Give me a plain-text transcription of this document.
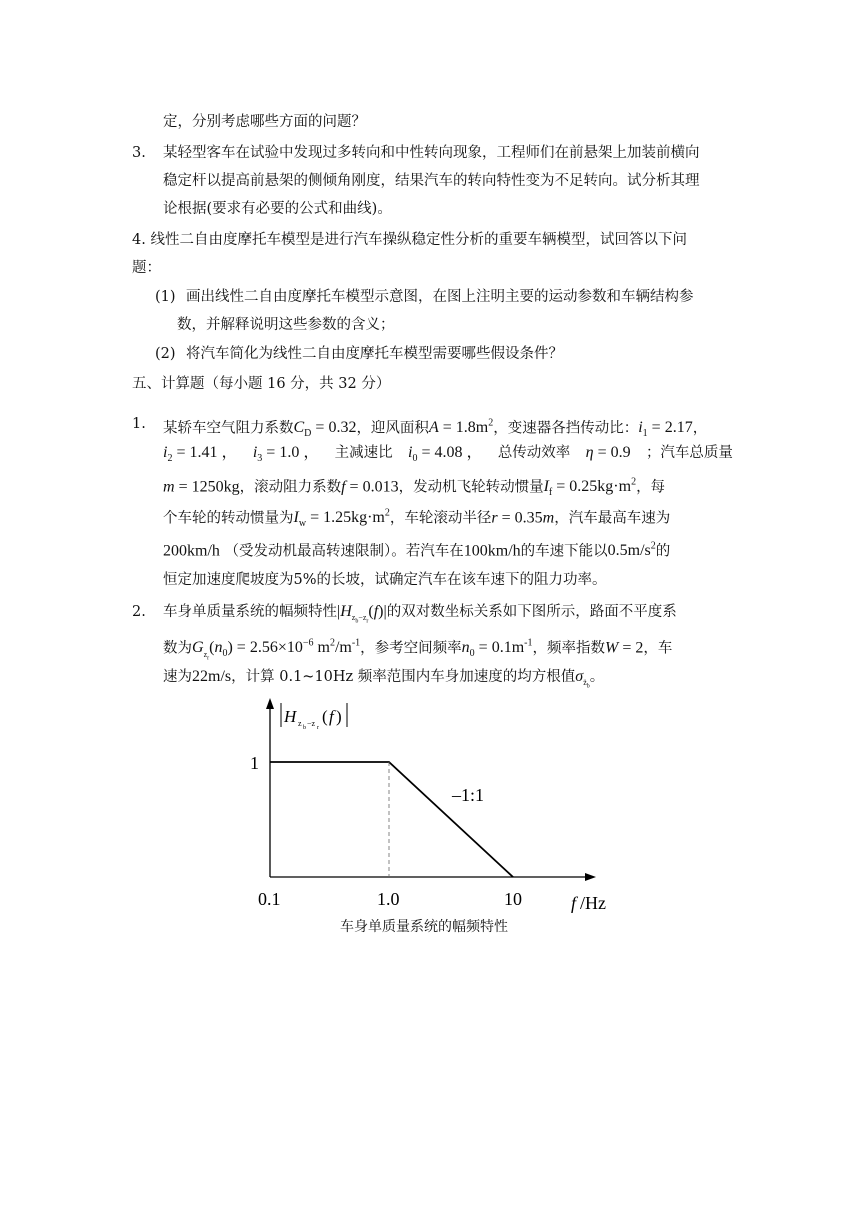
定，分别考虑哪些方面的问题？
3. 某轻型客车在试验中发现过多转向和中性转向现象，工程师们在前悬架上加装前横向
稳定杆以提高前悬架的侧倾角刚度，结果汽车的转向特性变为不足转向。试分析其理
论根据(要求有必要的公式和曲线)。
4. 线性二自由度摩托车模型是进行汽车操纵稳定性分析的重要车辆模型，试回答以下问
题：
(1) 画出线性二自由度摩托车模型示意图，在图上注明主要的运动参数和车辆结构参
数，并解释说明这些参数的含义；
(2) 将汽车简化为线性二自由度摩托车模型需要哪些假设条件？
五、计算题（每小题 16 分，共 32 分）
1. 某轿车空气阻力系数$C_D = 0.32$，迎风面积$A = 1.8m^2$，变速器各挡传动比：$i_1 = 2.17$，
$i_2 = 1.41$ ， $i_3 = 1.0$ ， 主减速比 $i_0 = 4.08$ ， 总传动效率 η = 0.9 ；汽车总质量
m = 1250kg，滚动阻力系数f = 0.013，发动机飞轮转动惯量$I_f = 0.25kg\cdot m^2$，每
个车轮的转动惯量为$I_w = 1.25kg\cdot m^2$，车轮滚动半径r = 0.35m，汽车最高车速为
200km/h （受发动机最高转速限制）。若汽车在100km/h的车速下能以$0.5m/s^2$的
恒定加速度爬坡度为5%的长坡，试确定汽车在该车速下的阻力功率。
2. 车身单质量系统的幅频特性$|H_{z_b-z_r}(f)|$的双对数坐标关系如下图所示，路面不平度系
数为$G_{z_r}(n_0) = 2.56\times 10^{-6}$ $m^2/m^{-1}$，参考空间频率$n_0 = 0.1m^{-1}$，频率指数W = 2，车
速为22m/s，计算 0.1~10Hz 频率范围内车身加速度的均方根值$\sigma_{z̈_b}$。
H z b −z r
( f )
1
0.1	1.0	10
–1:1
f /Hz
车身单质量系统的幅频特性
